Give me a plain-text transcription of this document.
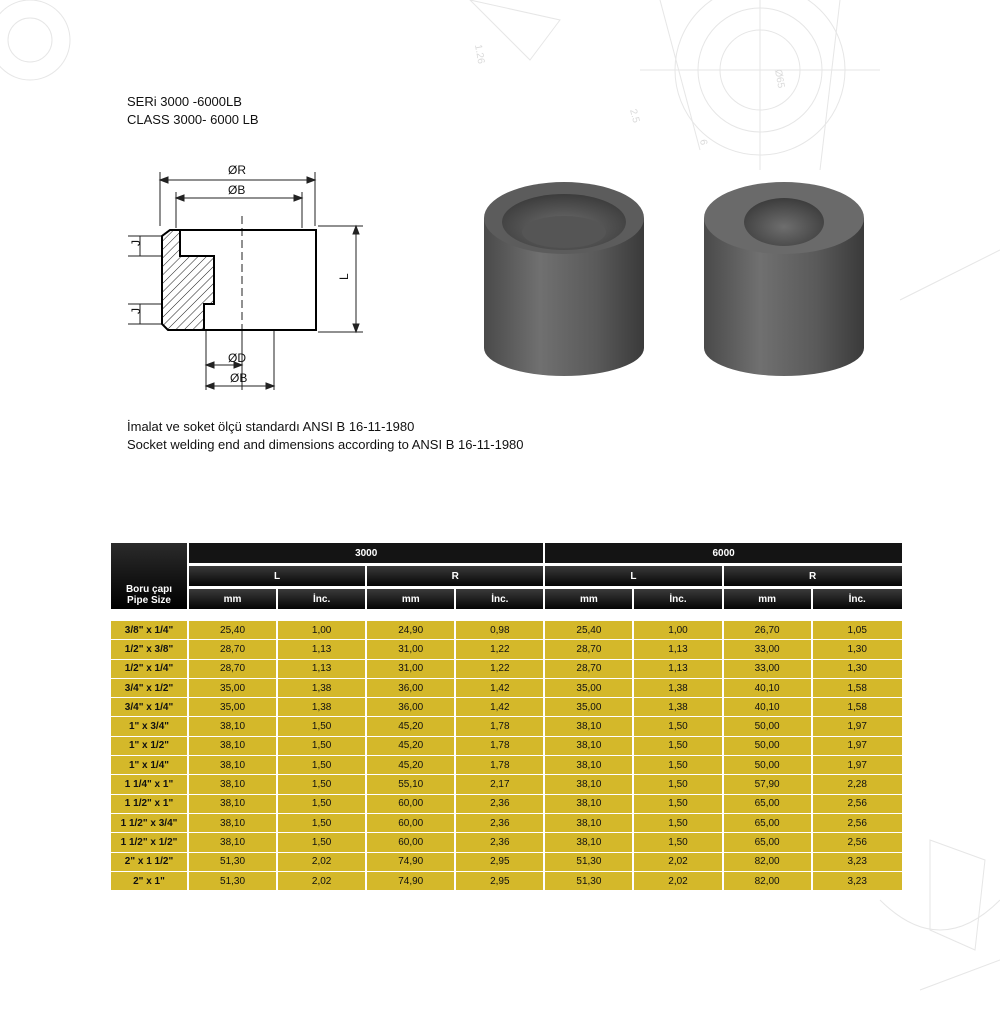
1.26
2.5
Ø65
6
SERi 3000 -6000LB
CLASS 3000- 6000 LB
ØR
ØB
ØD
ØB
L
J
J
İmalat ve soket ölçü standardı ANSI B 16-11-1980
Socket welding end and dimensions according to ANSI B 16-11-1980
Boru çapı
Pipe Size
3000	6000
L	R	L	R
mm	İnc.	mm	İnc.	mm	İnc.	mm	İnc.
3/8" x 1/4"	25,40	1,00	24,90	0,98	25,40	1,00	26,70	1,05
1/2" x 3/8"	28,70	1,13	31,00	1,22	28,70	1,13	33,00	1,30
1/2" x 1/4"	28,70	1,13	31,00	1,22	28,70	1,13	33,00	1,30
3/4" x 1/2"	35,00	1,38	36,00	1,42	35,00	1,38	40,10	1,58
3/4" x 1/4"	35,00	1,38	36,00	1,42	35,00	1,38	40,10	1,58
1" x 3/4"	38,10	1,50	45,20	1,78	38,10	1,50	50,00	1,97
1" x 1/2"	38,10	1,50	45,20	1,78	38,10	1,50	50,00	1,97
1" x 1/4"	38,10	1,50	45,20	1,78	38,10	1,50	50,00	1,97
1 1/4" x 1"	38,10	1,50	55,10	2,17	38,10	1,50	57,90	2,28
1 1/2" x 1"	38,10	1,50	60,00	2,36	38,10	1,50	65,00	2,56
1 1/2" x 3/4"	38,10	1,50	60,00	2,36	38,10	1,50	65,00	2,56
1 1/2" x 1/2"	38,10	1,50	60,00	2,36	38,10	1,50	65,00	2,56
2" x 1 1/2"	51,30	2,02	74,90	2,95	51,30	2,02	82,00	3,23
2" x 1"	51,30	2,02	74,90	2,95	51,30	2,02	82,00	3,23
